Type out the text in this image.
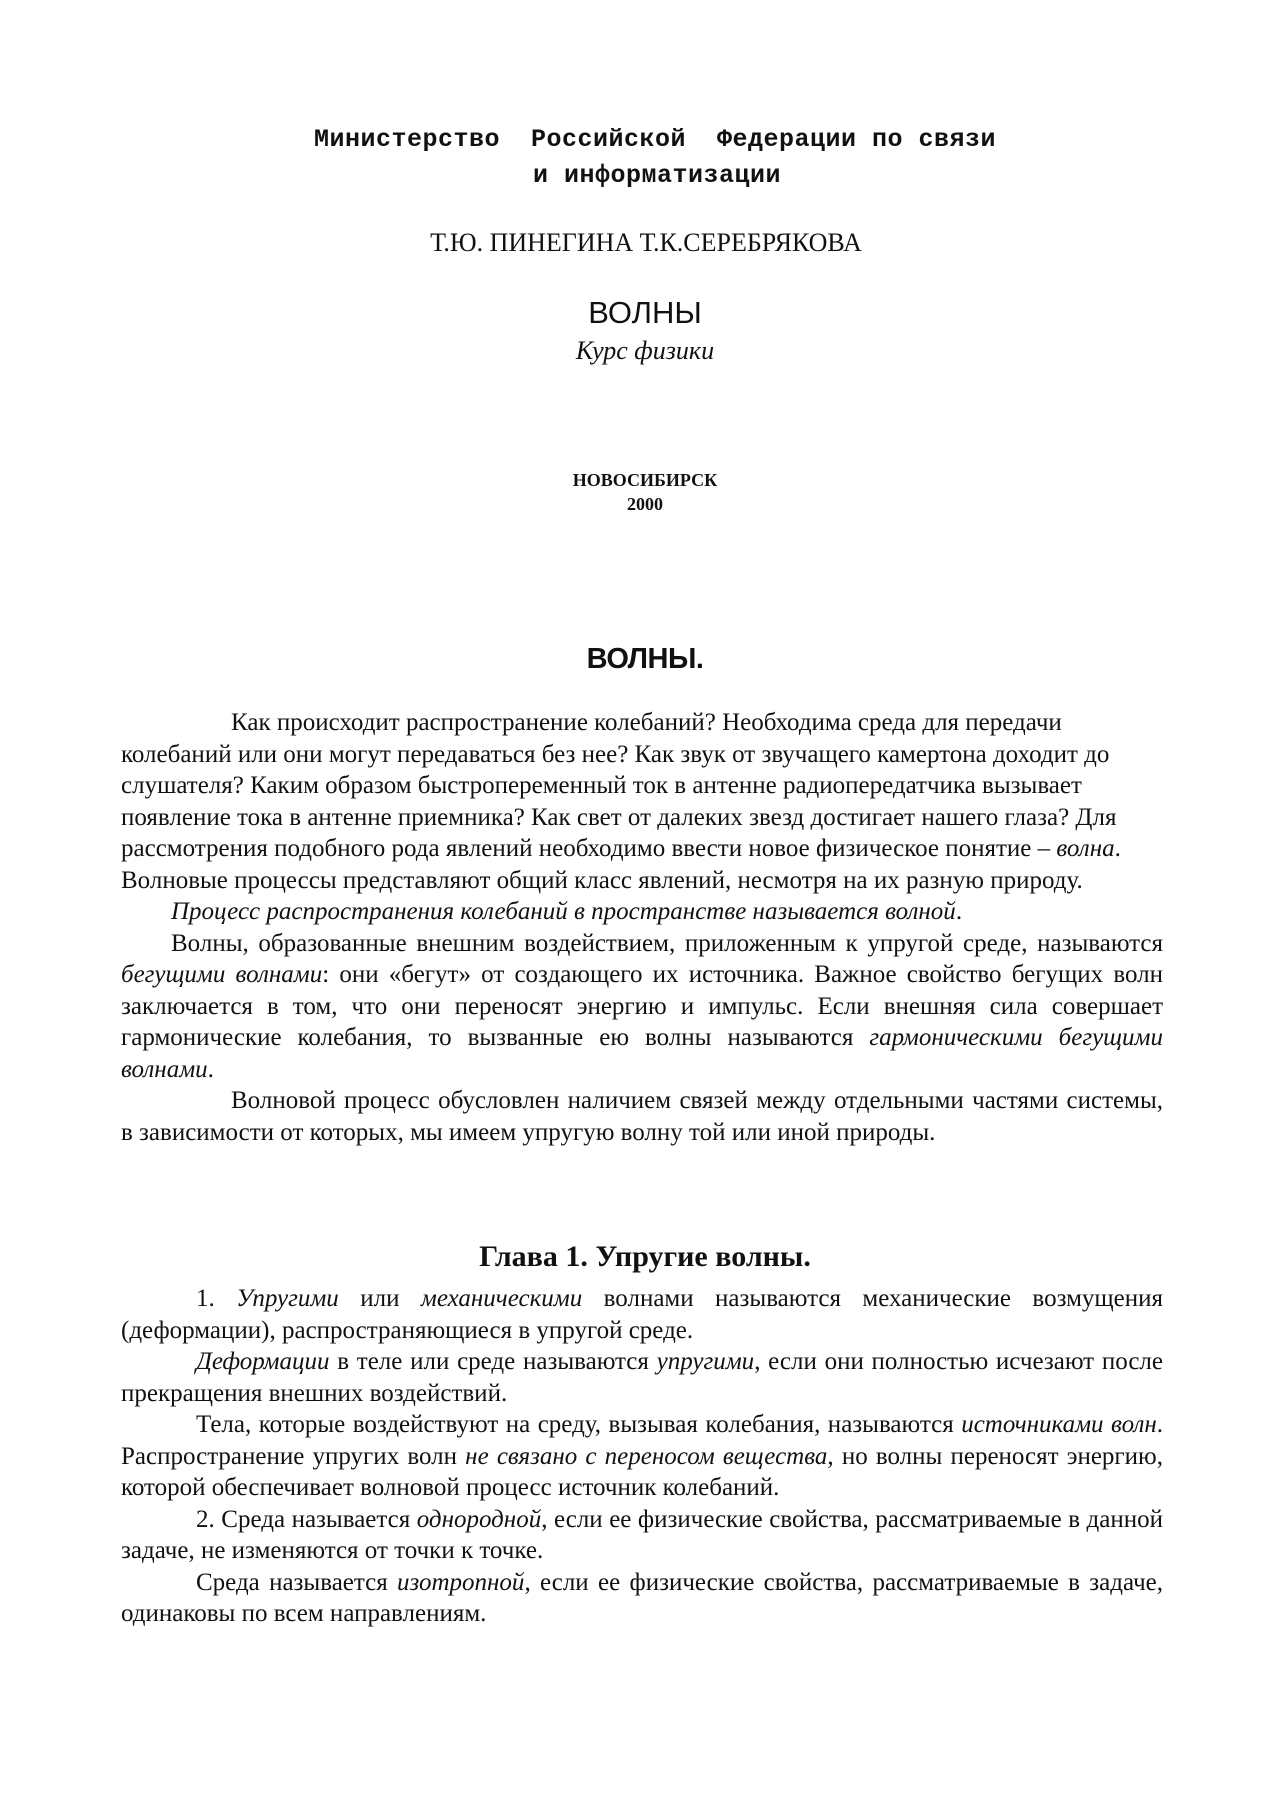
Министерство  Российской  Федерации по связи
и информатизации
Т.Ю. ПИНЕГИНА Т.К.СЕРЕБРЯКОВА
ВОЛНЫ
Курс физики
НОВОСИБИРСК
2000
ВОЛНЫ.

Как происходит распространение колебаний? Необходима среда для передачи колебаний или они могут передаваться без нее? Как звук от звучащего камертона доходит до слушателя? Каким образом быстропеременный ток в антенне радиопередатчика вызывает появление тока в антенне приемника? Как свет от далеких звезд достигает нашего глаза? Для рассмотрения подобного рода явлений необходимо ввести новое физическое понятие – волна. Волновые процессы представляют общий класс явлений, несмотря на их разную природу.

Процесс распространения колебаний в пространстве называется волной.

Волны, образованные внешним воздействием, приложенным к упругой среде, называются бегущими волнами: они «бегут» от создающего их источника. Важное свойство бегущих волн заключается в том, что они переносят энергию и импульс. Если внешняя сила совершает гармонические колебания, то вызванные ею волны называются гармоническими бегущими волнами.

Волновой процесс обусловлен наличием связей между отдельными частями системы, в зависимости от которых, мы имеем упругую волну той или иной природы.

Глава 1. Упругие волны.

1. Упругими или механическими волнами называются механические возмущения (деформации), распространяющиеся в упругой среде.

Деформации в теле или среде называются упругими, если они полностью исчезают после прекращения внешних воздействий.

Тела, которые воздействуют на среду, вызывая колебания, называются источниками волн. Распространение упругих волн не связано с переносом вещества, но волны переносят энергию, которой обеспечивает волновой процесс источник колебаний.

2. Среда называется однородной, если ее физические свойства, рассматриваемые в данной задаче, не изменяются от точки к точке.

Среда называется изотропной, если ее физические свойства, рассматриваемые в задаче, одинаковы по всем направлениям.
